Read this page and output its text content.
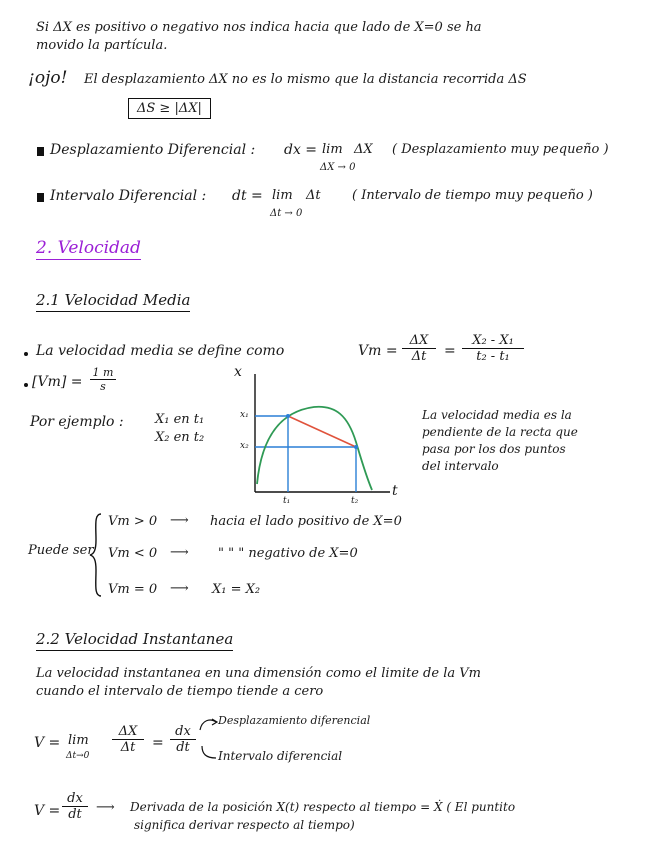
Si ΔX es positivo o negativo nos indica hacia que lado de X=0 se ha
movido la partícula.
¡ojo! El desplazamiento ΔX no es lo mismo que la distancia recorrida ΔS
ΔS ≥ |ΔX|
Desplazamiento Diferencial : dx = lim ΔX
ΔX → 0
( Desplazamiento muy pequeño )
Intervalo Diferencial : dt = lim Δt
Δt → 0
( Intervalo de tiempo muy pequeño )
2. Velocidad
2.1 Velocidad Media
La velocidad media se define como	$Vm = \frac{\Delta X}{\Delta t} = \frac{\text{X₂ - X₁}}{\text{t₂ - t₁}}$
$[Vm] = \frac{1 m}{s}$
Por ejemplo : X₁ en t₁
X₂ en t₂
x
t
x₁
x₂
t₁	t₂
La velocidad media es la
pendiente de la recta que
pasa por los dos puntos
del intervalo
Puede ser
Vm > 0 ⟶ hacia el lado positivo de X=0
Vm < 0 ⟶ " " " negativo de X=0
Vm = 0 ⟶ X₁ = X₂
2.2 Velocidad Instantanea
La velocidad instantanea en una dimensión como el limite de la Vm
cuando el intervalo de tiempo tiende a cero
V = lim
Δt→0
$\frac{\Delta X}{\Delta t} = \frac{dx}{dt}$
Desplazamiento diferencial
Intervalo diferencial
$V = \frac{dx}{dt}$ ⟶ Derivada de la posición X(t) respecto al tiempo = Ẋ ( El puntito
significa derivar respecto al tiempo)
